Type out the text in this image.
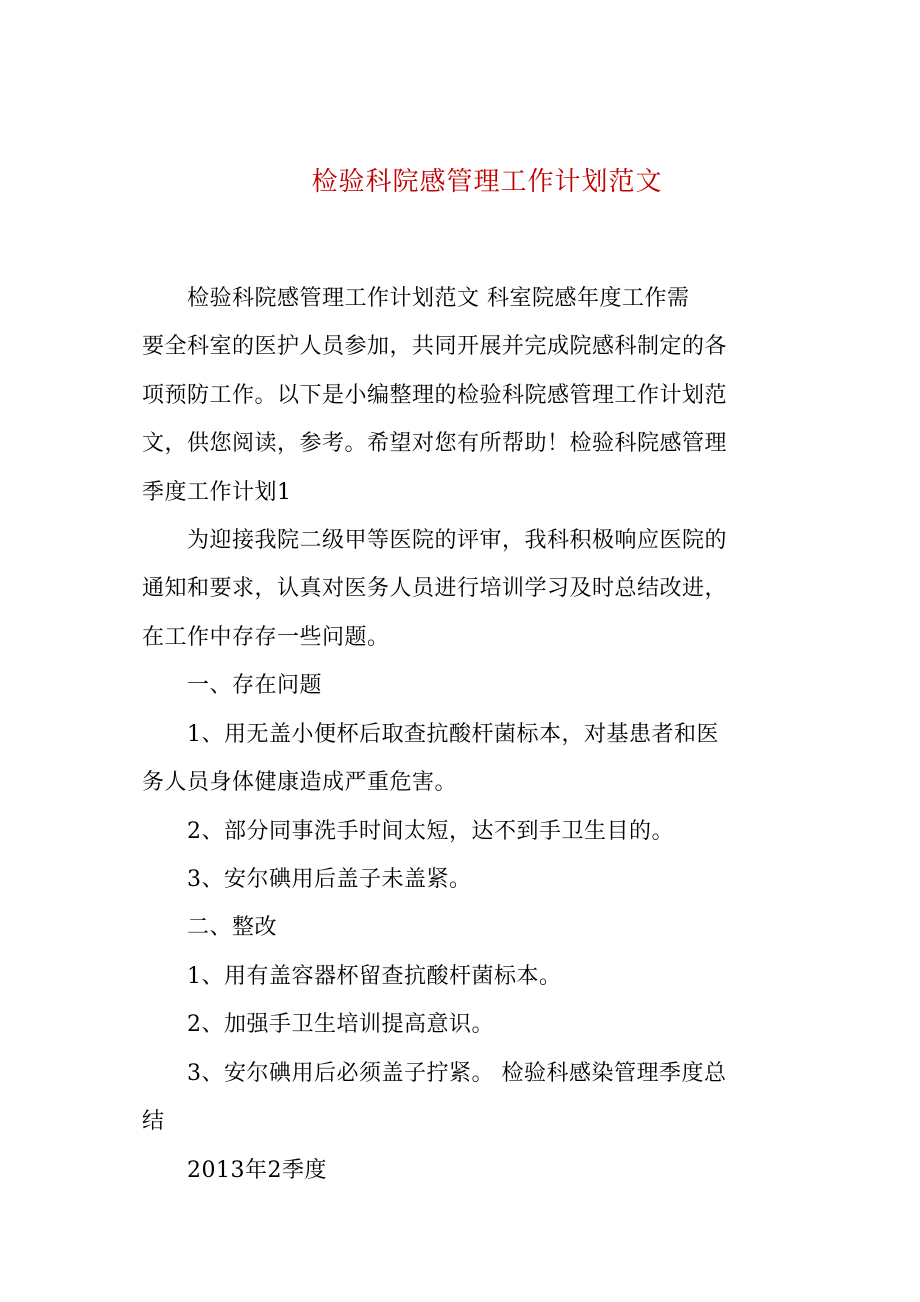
检验科院感管理工作计划范文
　　检验科院感管理工作计划范文 科室院感年度工作需
要全科室的医护人员参加，共同开展并完成院感科制定的各
项预防工作。以下是小编整理的检验科院感管理工作计划范
文，供您阅读，参考。希望对您有所帮助！检验科院感管理
季度工作计划1
　　为迎接我院二级甲等医院的评审，我科积极响应医院的
通知和要求，认真对医务人员进行培训学习及时总结改进，
在工作中存存一些问题。
　　一、存在问题
　　1、用无盖小便杯后取查抗酸杆菌标本，对基患者和医
务人员身体健康造成严重危害。
　　2、部分同事洗手时间太短，达不到手卫生目的。
　　3、安尔碘用后盖子未盖紧。
　　二、整改
　　1、用有盖容器杯留查抗酸杆菌标本。
　　2、加强手卫生培训提高意识。
　　3、安尔碘用后必须盖子拧紧。 检验科感染管理季度总
结
　　2013年2季度
